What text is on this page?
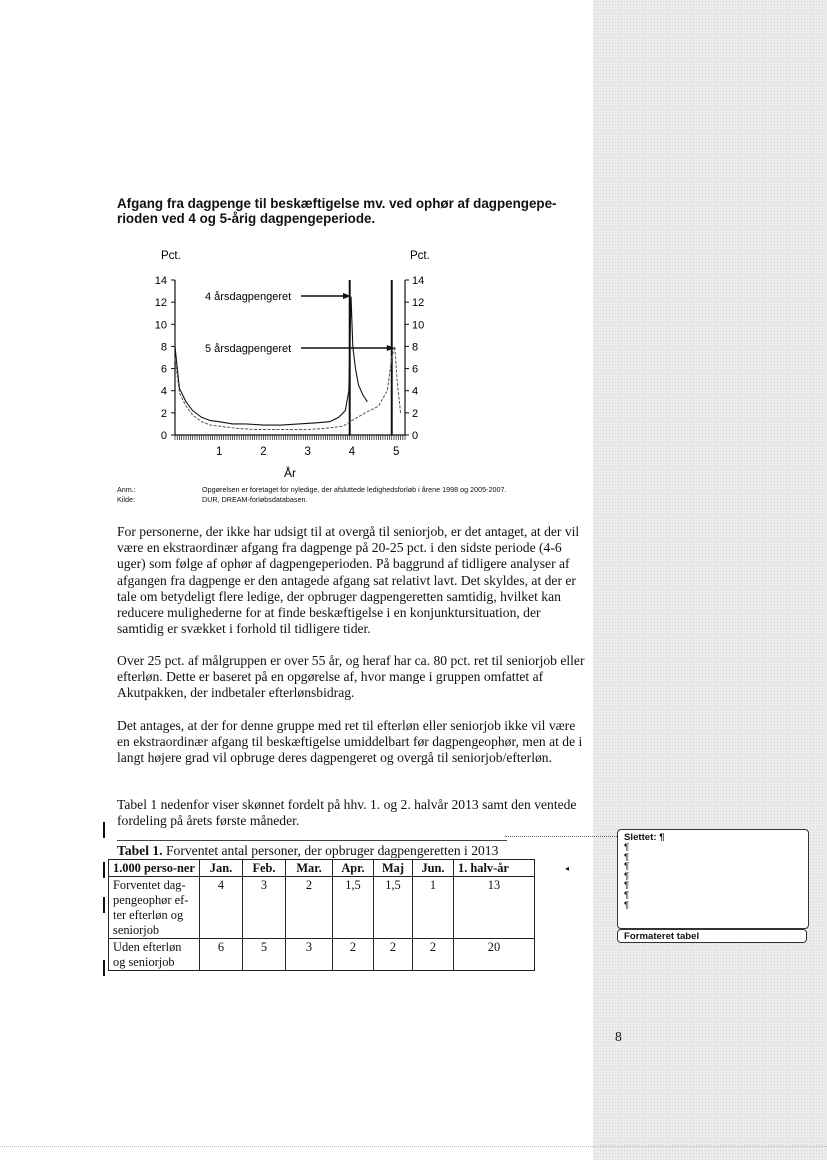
Afgang fra dagpenge til beskæftigelse mv. ved ophør af dagpengepe-
rioden ved 4 og 5-årig dagpengeperiode.
Pct.	Pct.
År
0	0
2	2
4	4
6	6
8	8
10	10
12	12
14	14
1	2	3	4	5
4 årsdagpengeret
5 årsdagpengeret
Anm.:	Opgørelsen er foretaget for nyledige, der afsluttede ledighedsforløb i årene 1998 og 2005-2007.
Kilde:	DUR, DREAM-forløbsdatabasen.

For personerne, der ikke har udsigt til at overgå til seniorjob, er det antaget, at der vil være en ekstraordinær afgang fra dagpenge på 20-25 pct. i den sidste periode (4-6 uger) som følge af ophør af dagpengeperioden. På baggrund af tidligere analyser af afgangen fra dagpenge er den antagede afgang sat relativt lavt. Det skyldes, at der er tale om betydeligt flere ledige, der opbruger dagpengeretten samtidig, hvilket kan reducere mulighederne for at finde beskæftigelse i en konjunktursituation, der samtidig er svækket i forhold til tidligere tider.

Over 25 pct. af målgruppen er over 55 år, og heraf har ca. 80 pct. ret til seniorjob eller efterløn. Dette er baseret på en opgørelse af, hvor mange i gruppen omfattet af Akutpakken, der indbetaler efterlønsbidrag.

Det antages, at der for denne gruppe med ret til efterløn eller seniorjob ikke vil være en ekstraordinær afgang til beskæftigelse umiddelbart før dagpengeophør, men at de i langt højere grad vil opbruge deres dagpengeret og overgå til seniorjob/efterløn.

Tabel 1 nedenfor viser skønnet fordelt på hhv. 1. og 2. halvår 2013 samt den ventede fordeling på årets første måneder.

Tabel 1. Forventet antal personer, der opbruger dagpengeretten i 2013
1.000 perso-ner	Jan.	Feb.	Mar.	Apr.	Maj	Jun.	1. halv-år
Forventet dag-pengeophør ef-ter efterløn og seniorjob	4	3	2	1,5	1,5	1	13
Uden efterløn og seniorjob	6	5	3	2	2	2	20
◂
Slettet: ¶
¶
¶
¶
¶
¶
¶
¶
Formateret tabel
8
